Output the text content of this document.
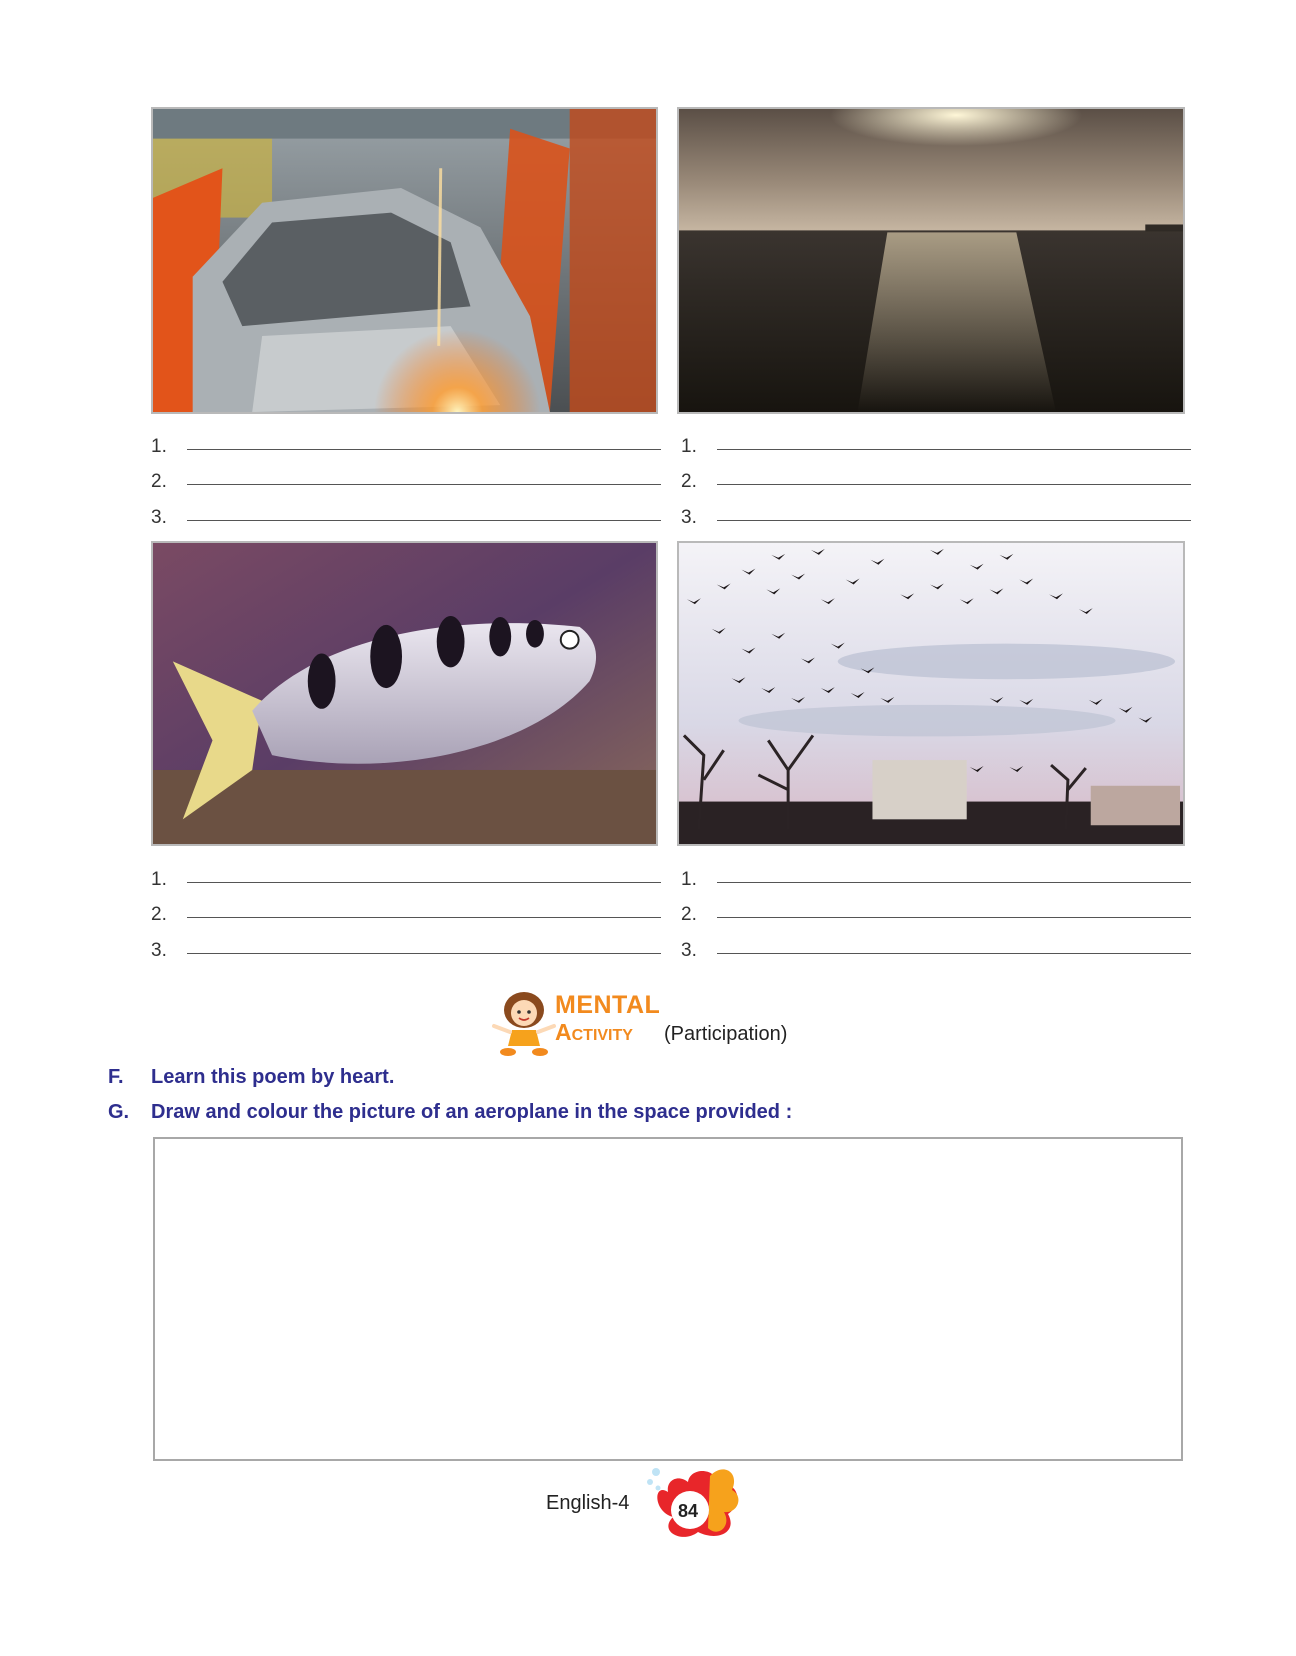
1.
2.
3.
1.
2.
3.
1.
2.
3.
1.
2.
3.
MENTAL
Activity (Participation)
F.	Learn this poem by heart.
G.	Draw and colour the picture of an aeroplane in the space provided :
English-4	84
